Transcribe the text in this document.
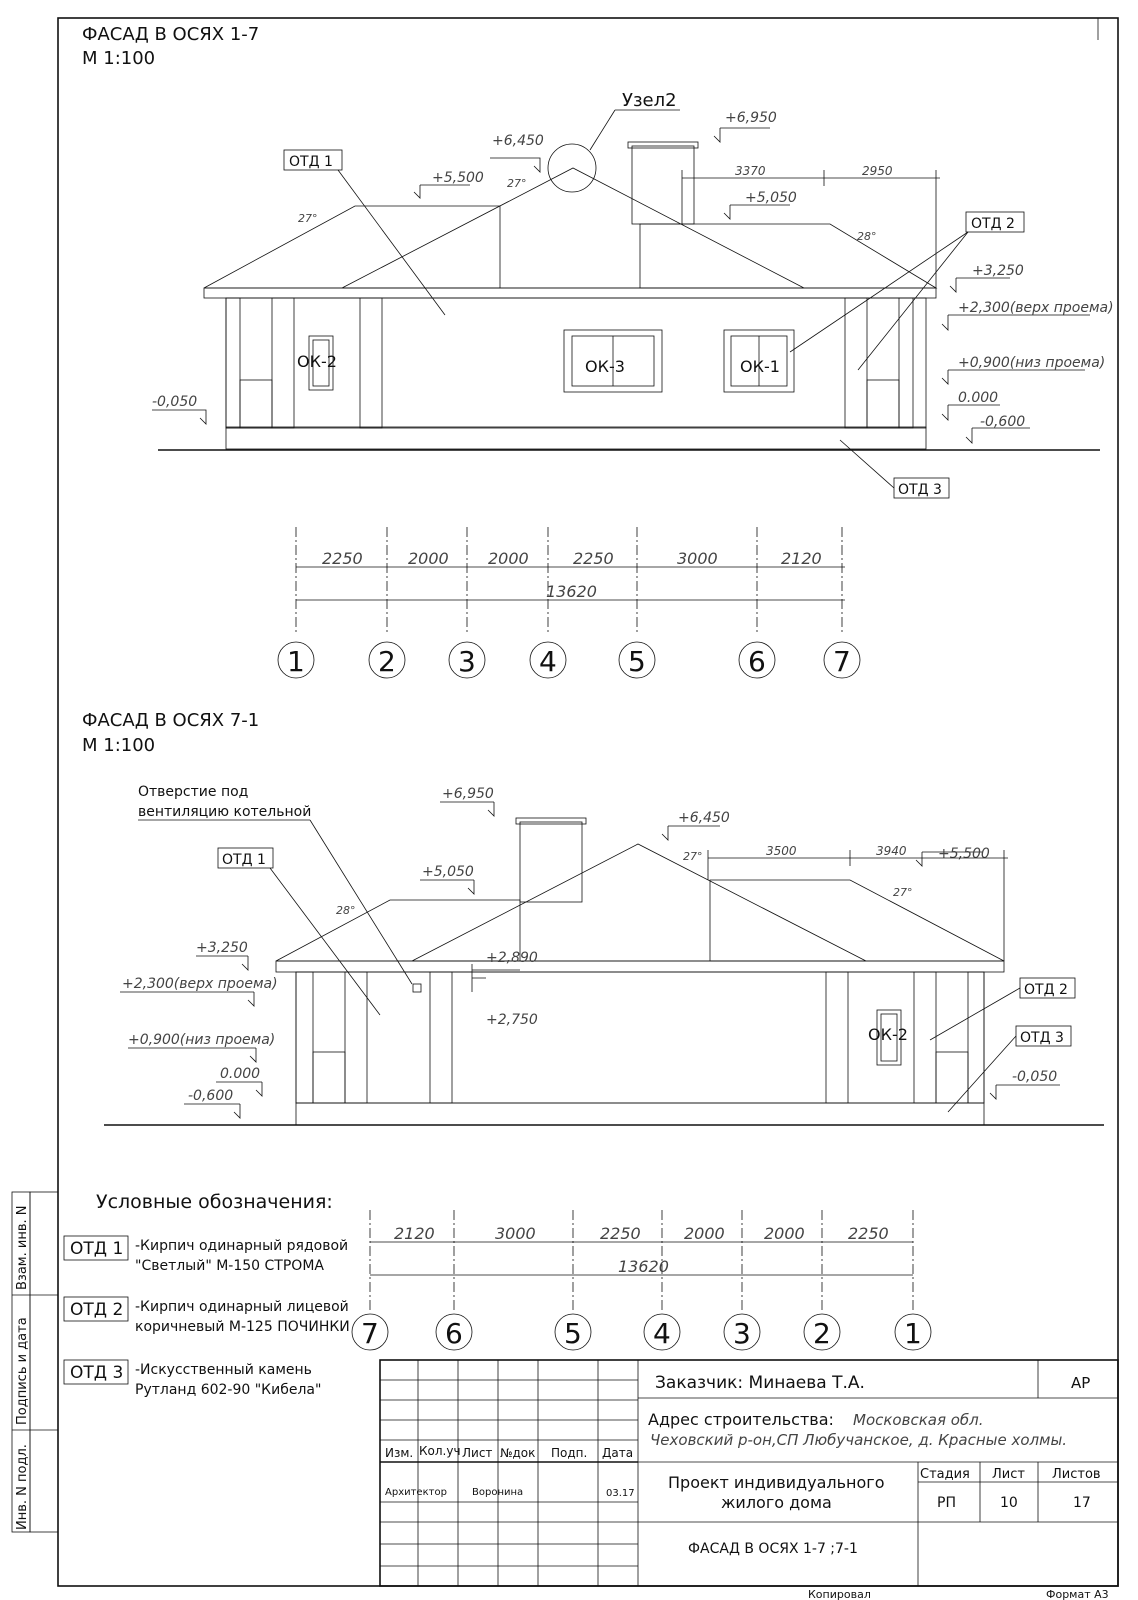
Инв. N подл.
Подпись и дата
Взам. инв. N
ФАСАД В ОСЯХ 1-7
М 1:100
ОК-2	ОК-3	ОК-1
Узел2
+6,450
+6,950
+5,500
+5,050
+3,250
+2,300(верх проема)
+0,900(низ проема)
0.000
-0,600
-0,050
27°
27°
28°
3370	2950
ОТД 1
ОТД 2
ОТД 3
2250	2000 2000	2250	3000	2120
13620
1	2 3 4	5	6 7
ФАСАД В ОСЯХ 7-1
М 1:100
Отверстие под
вентиляцию котельной
ОК-2
+6,950
+6,450
+5,050
+5,500
+3,250
+2,300(верх проема)
+0,900(низ проема)
0.000
-0,600
-0,050
+2,890
+2,750
27°
28°
27°
3500	3940
ОТД 1
ОТД 2
ОТД 3
Условные обозначения:
ОТД 1 -Кирпич одинарный рядовой
"Светлый" М-150 СТРОМА
ОТД 2 -Кирпич одинарный лицевой
коричневый М-125 ПОЧИНКИ
ОТД 3 -Искусственный камень
Рутланд 602-90 "Кибела"
2120	3000	2250	2000 2000	2250
13620
7 6	5	4 3 2	1
Изм. Кол.уч Лист №док Подп. Дата
Архитектор	Воронина	03.17
Заказчик: Минаева Т.А.	АР
Адрес строительства: Московская обл.
Чеховский р-он,СП Любучанское, д. Красные холмы.
Проект индивидуального
жилого дома
Стадия Лист Листов
РП	10	17
ФАСАД В ОСЯХ 1-7 ;7-1
Копировал	Формат А3
